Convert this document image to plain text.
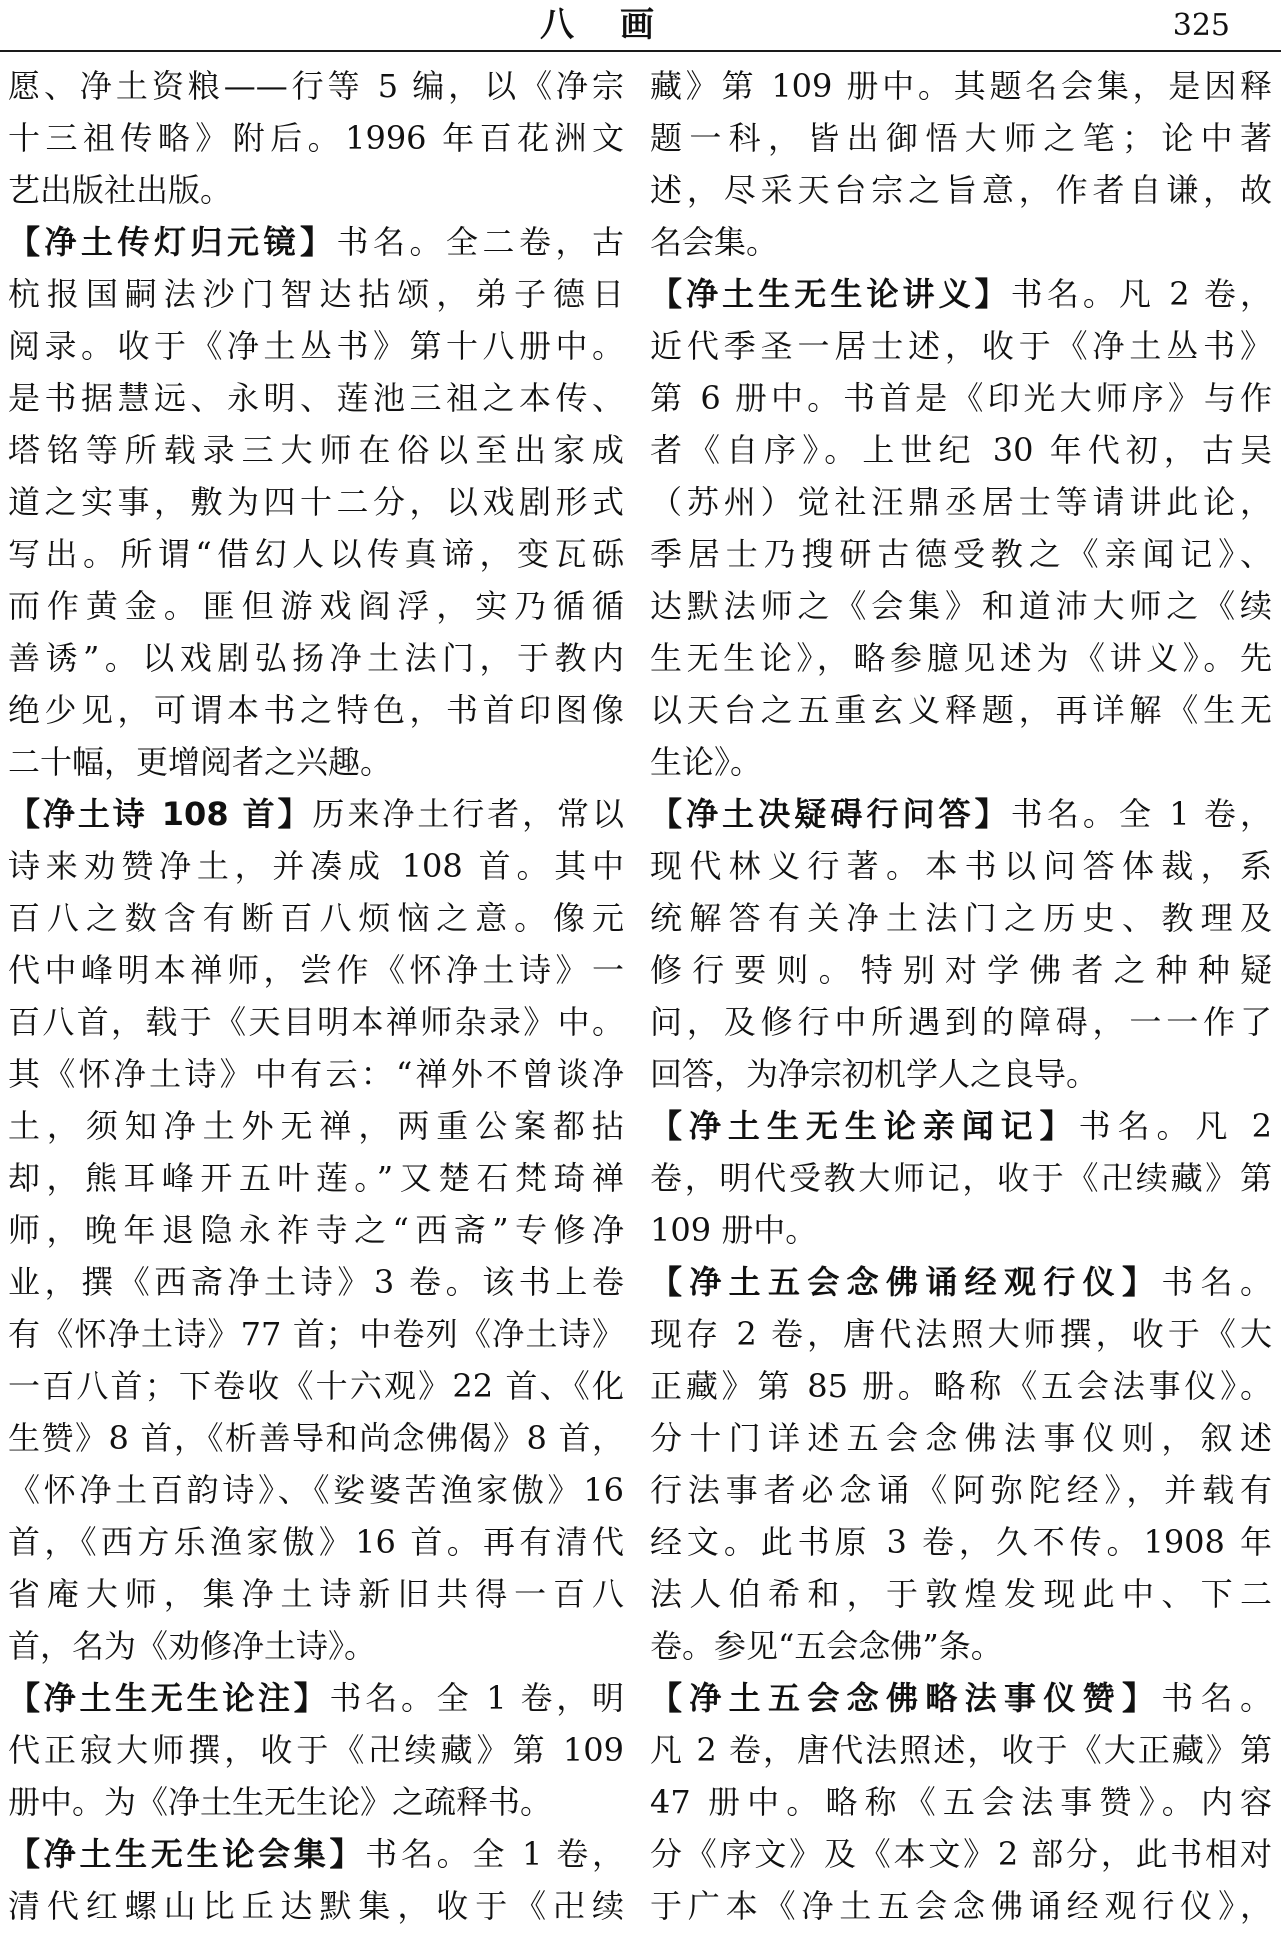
八　画	325
愿、净土资粮——行等 5 编，以《净宗
十三祖传略》附后。1996 年百花洲文
艺出版社出版。
【净土传灯归元镜】书名。全二卷，古
杭报国嗣法沙门智达拈颂，弟子德日
阅录。收于《净土丛书》第十八册中。
是书据慧远、永明、莲池三祖之本传、
塔铭等所载录三大师在俗以至出家成
道之实事，敷为四十二分，以戏剧形式
写出。所谓“借幻人以传真谛，变瓦砾
而作黄金。匪但游戏阎浮，实乃循循
善诱”。以戏剧弘扬净土法门，于教内
绝少见，可谓本书之特色，书首印图像
二十幅，更增阅者之兴趣。
【净土诗 108 首】历来净土行者，常以
诗来劝赞净土，并凑成 108 首。其中
百八之数含有断百八烦恼之意。像元
代中峰明本禅师，尝作《怀净土诗》一
百八首，载于《天目明本禅师杂录》中。
其《怀净土诗》中有云：“禅外不曾谈净
土，须知净土外无禅，两重公案都拈
却，熊耳峰开五叶莲。”又楚石梵琦禅
师，晚年退隐永祚寺之“西斋”专修净
业，撰《西斋净土诗》3 卷。该书上卷
有《怀净土诗》77 首；中卷列《净土诗》
一百八首；下卷收《十六观》22 首、《化
生赞》8 首，《析善导和尚念佛偈》8 首，
《怀净土百韵诗》、《娑婆苦渔家傲》16
首，《西方乐渔家傲》16 首。再有清代
省庵大师，集净土诗新旧共得一百八
首，名为《劝修净土诗》。
【净土生无生论注】书名。全 1 卷，明
代正寂大师撰，收于《卍续藏》第 109
册中。为《净土生无生论》之疏释书。
【净土生无生论会集】书名。全 1 卷，
清代红螺山比丘达默集，收于《卍续
藏》第 109 册中。其题名会集，是因释
题一科，皆出御悟大师之笔；论中著
述，尽采天台宗之旨意，作者自谦，故
名会集。
【净土生无生论讲义】书名。凡 2 卷，
近代季圣一居士述，收于《净土丛书》
第 6 册中。书首是《印光大师序》与作
者《自序》。上世纪 30 年代初，古吴
（苏州）觉社汪鼎丞居士等请讲此论，
季居士乃搜研古德受教之《亲闻记》、
达默法师之《会集》和道沛大师之《续
生无生论》，略参臆见述为《讲义》。先
以天台之五重玄义释题，再详解《生无
生论》。
【净土决疑碍行问答】书名。全 1 卷，
现代林义行著。本书以问答体裁，系
统解答有关净土法门之历史、教理及
修行要则。特别对学佛者之种种疑
问，及修行中所遇到的障碍，一一作了
回答，为净宗初机学人之良导。
【净土生无生论亲闻记】书名。凡 2
卷，明代受教大师记，收于《卍续藏》第
109 册中。
【净土五会念佛诵经观行仪】书名。
现存 2 卷，唐代法照大师撰，收于《大
正藏》第 85 册。略称《五会法事仪》。
分十门详述五会念佛法事仪则，叙述
行法事者必念诵《阿弥陀经》，并载有
经文。此书原 3 卷，久不传。1908 年
法人伯希和，于敦煌发现此中、下二
卷。参见“五会念佛”条。
【净土五会念佛略法事仪赞】书名。
凡 2 卷，唐代法照述，收于《大正藏》第
47 册中。略称《五会法事赞》。内容
分《序文》及《本文》2 部分，此书相对
于广本《净土五会念佛诵经观行仪》，
